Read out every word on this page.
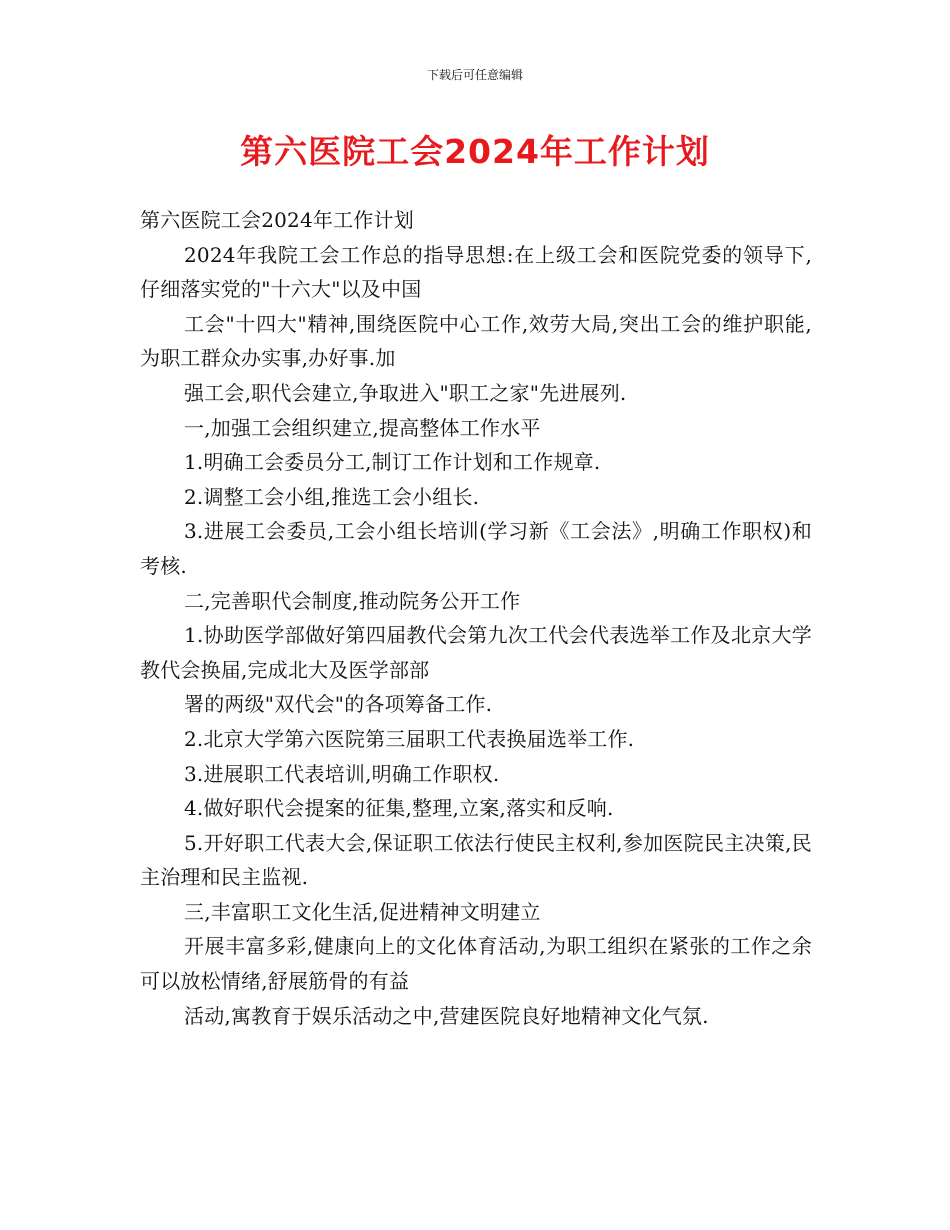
下载后可任意编辑
第六医院工会2024年工作计划

第六医院工会2024年工作计划

2024年我院工会工作总的指导思想:在上级工会和医院党委的领导下,仔细落实党的"十六大"以及中国

工会"十四大"精神,围绕医院中心工作,效劳大局,突出工会的维护职能,为职工群众办实事,办好事.加

强工会,职代会建立,争取进入"职工之家"先进展列.

一,加强工会组织建立,提高整体工作水平

1.明确工会委员分工,制订工作计划和工作规章.

2.调整工会小组,推选工会小组长.

3.进展工会委员,工会小组长培训(学习新《工会法》,明确工作职权)和考核.

二,完善职代会制度,推动院务公开工作

1.协助医学部做好第四届教代会第九次工代会代表选举工作及北京大学教代会换届,完成北大及医学部部

署的两级"双代会"的各项筹备工作.

2.北京大学第六医院第三届职工代表换届选举工作.

3.进展职工代表培训,明确工作职权.

4.做好职代会提案的征集,整理,立案,落实和反响.

5.开好职工代表大会,保证职工依法行使民主权利,参加医院民主决策,民主治理和民主监视.

三,丰富职工文化生活,促进精神文明建立

开展丰富多彩,健康向上的文化体育活动,为职工组织在紧张的工作之余可以放松情绪,舒展筋骨的有益

活动,寓教育于娱乐活动之中,营建医院良好地精神文化气氛.
